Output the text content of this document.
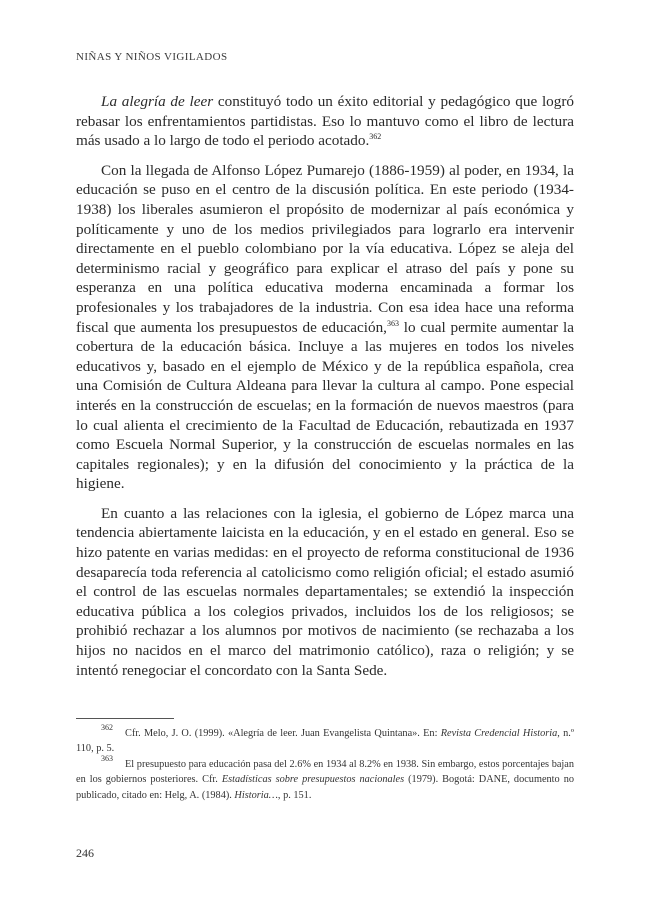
NIÑAS Y NIÑOS VIGILADOS

La alegría de leer constituyó todo un éxito editorial y pedagógico que logró rebasar los enfrentamientos partidistas. Eso lo mantuvo como el libro de lectura más usado a lo largo de todo el periodo acotado.$^{362}$

Con la llegada de Alfonso López Pumarejo (1886-1959) al poder, en 1934, la educación se puso en el centro de la discusión política. En este periodo (1934-1938) los liberales asumieron el propósito de modernizar al país económica y políticamente y uno de los medios privilegiados para lograrlo era intervenir directamente en el pueblo colombiano por la vía educativa. López se aleja del determinismo racial y geográfico para explicar el atraso del país y pone su esperanza en una política educativa moderna encaminada a formar los profesionales y los trabajadores de la industria. Con esa idea hace una reforma fiscal que aumenta los presupuestos de educación,$^{363}$ lo cual permite aumentar la cobertura de la educación básica. Incluye a las mujeres en todos los niveles educativos y, basado en el ejemplo de México y de la república española, crea una Comisión de Cultura Aldeana para llevar la cultura al campo. Pone especial interés en la construcción de escuelas; en la formación de nuevos maestros (para lo cual alienta el crecimiento de la Facultad de Educación, rebautizada en 1937 como Escuela Normal Superior, y la construcción de escuelas normales en las capitales regionales); y en la difusión del conocimiento y la práctica de la higiene.

En cuanto a las relaciones con la iglesia, el gobierno de López marca una tendencia abiertamente laicista en la educación, y en el estado en general. Eso se hizo patente en varias medidas: en el proyecto de reforma constitucional de 1936 desaparecía toda referencia al catolicismo como religión oficial; el estado asumió el control de las escuelas normales departamentales; se extendió la inspección educativa pública a los colegios privados, incluidos los de los religiosos; se prohibió rechazar a los alumnos por motivos de nacimiento (se rechazaba a los hijos no nacidos en el marco del matrimonio católico), raza o religión; y se intentó renegociar el concordato con la Santa Sede.

$^{362}$Cfr. Melo, J. O. (1999). «Alegría de leer. Juan Evangelista Quintana». En: Revista Credencial Historia, n.º 110, p. 5.

$^{363}$El presupuesto para educación pasa del 2.6% en 1934 al 8.2% en 1938. Sin embargo, estos porcentajes bajan en los gobiernos posteriores. Cfr. Estadísticas sobre presupuestos nacionales (1979). Bogotá: DANE, documento no publicado, citado en: Helg, A. (1984). Historia…, p. 151.

246
